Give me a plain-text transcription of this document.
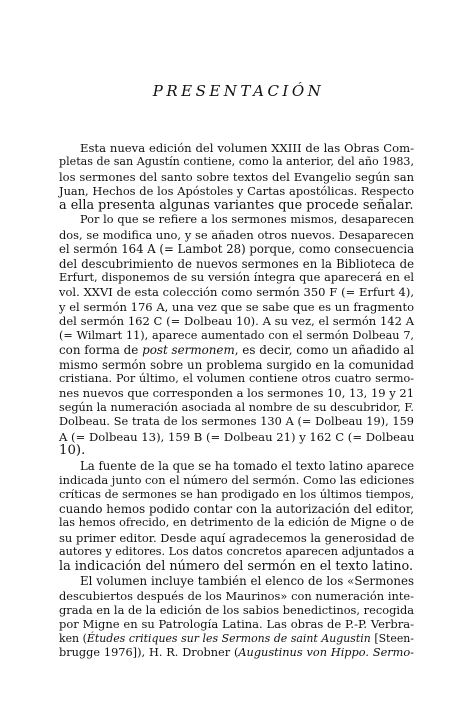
PRESENTACIÓN
Esta nueva edición del volumen XXIII de las Obras Com-
pletas de san Agustín contiene, como la anterior, del año 1983,
los sermones del santo sobre textos del Evangelio según san
Juan, Hechos de los Apóstoles y Cartas apostólicas. Respecto
a ella presenta algunas variantes que procede señalar.
Por lo que se refiere a los sermones mismos, desaparecen
dos, se modifica uno, y se añaden otros nuevos. Desaparecen
el sermón 164 A (= Lambot 28) porque, como consecuencia
del descubrimiento de nuevos sermones en la Biblioteca de
Erfurt, disponemos de su versión íntegra que aparecerá en el
vol. XXVI de esta colección como sermón 350 F (= Erfurt 4),
y el sermón 176 A, una vez que se sabe que es un fragmento
del sermón 162 C (= Dolbeau 10). A su vez, el sermón 142 A
(= Wilmart 11), aparece aumentado con el sermón Dolbeau 7,
con forma de post sermonem, es decir, como un añadido al
mismo sermón sobre un problema surgido en la comunidad
cristiana. Por último, el volumen contiene otros cuatro sermo-
nes nuevos que corresponden a los sermones 10, 13, 19 y 21
según la numeración asociada al nombre de su descubridor, F.
Dolbeau. Se trata de los sermones 130 A (= Dolbeau 19), 159
A (= Dolbeau 13), 159 B (= Dolbeau 21) y 162 C (= Dolbeau
10).
La fuente de la que se ha tomado el texto latino aparece
indicada junto con el número del sermón. Como las ediciones
críticas de sermones se han prodigado en los últimos tiempos,
cuando hemos podido contar con la autorización del editor,
las hemos ofrecido, en detrimento de la edición de Migne o de
su primer editor. Desde aquí agradecemos la generosidad de
autores y editores. Los datos concretos aparecen adjuntados a
la indicación del número del sermón en el texto latino.
El volumen incluye también el elenco de los «Sermones
descubiertos después de los Maurinos» con numeración inte-
grada en la de la edición de los sabios benedictinos, recogida
por Migne en su Patrología Latina. Las obras de P.-P. Verbra-
ken (Études critiques sur les Sermons de saint Augustin [Steen-
brugge 1976]), H. R. Drobner (Augustinus von Hippo. Sermo-
